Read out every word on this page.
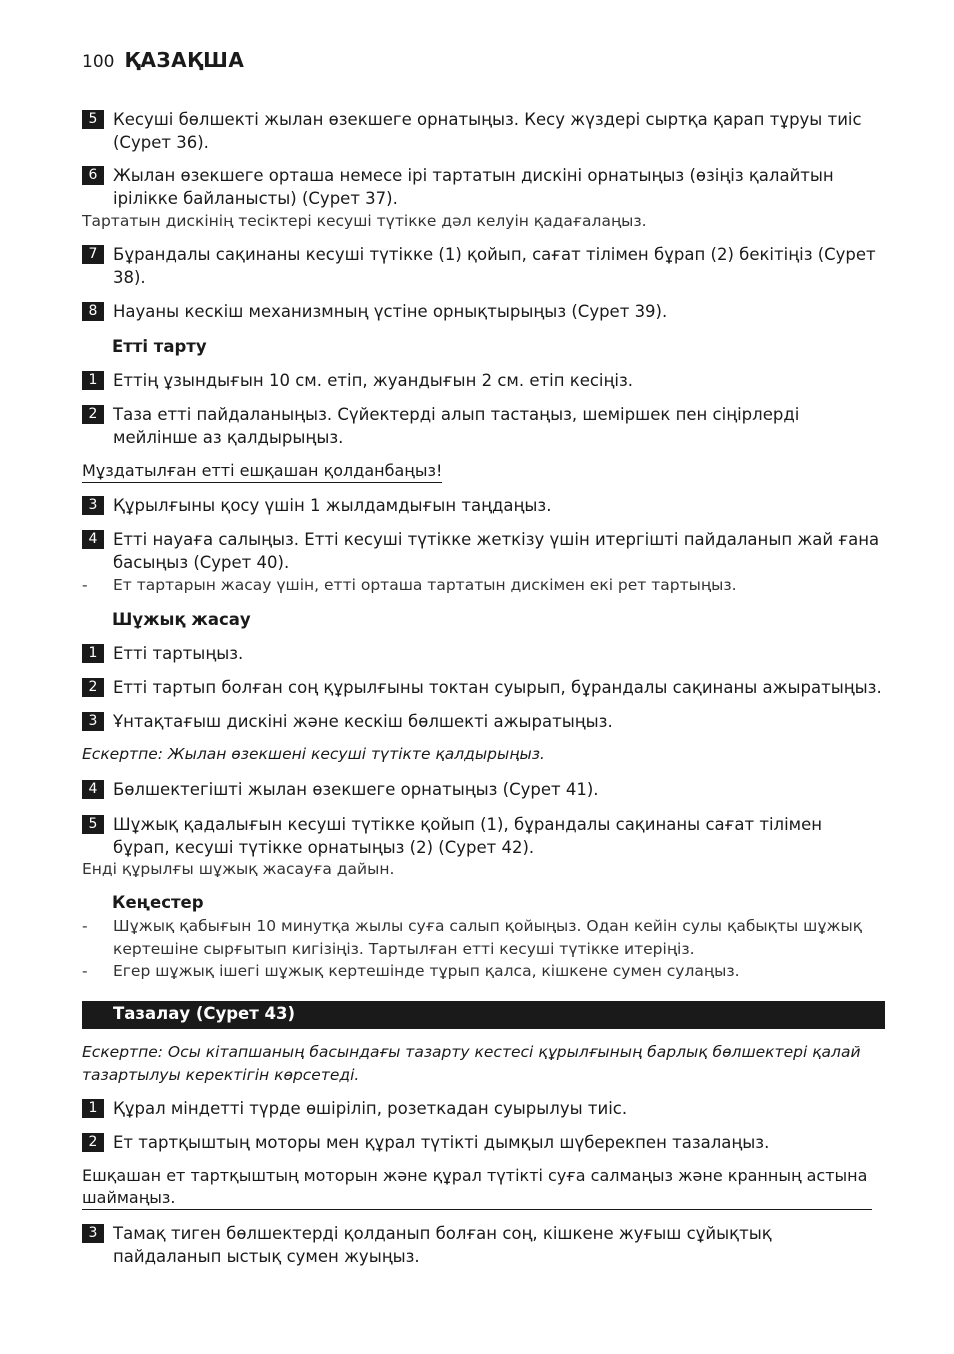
100 ҚАЗАҚША
5 Кесуші бөлшекті жылан өзекшеге орнатыңыз. Кесу жүздері сыртқа қарап тұруы тиіс (Сурет 36).
6 Жылан өзекшеге орташа немесе ірі тартатын дискіні орнатыңыз (өзіңіз қалайтын ірілікке байланысты) (Сурет 37).
Тартатын дискінің тесіктері кесуші түтікке дәл келуін қадағалаңыз.
7 Бұрандалы сақинаны кесуші түтікке (1) қойып, сағат тілімен бұрап (2) бекітіңіз (Сурет 38).
8 Науаны кескіш механизмның үстіне орнықтырыңыз (Сурет 39).
Етті тарту
1 Еттің ұзындығын 10 см. етіп, жуандығын 2 см. етіп кесіңіз.
2 Таза етті пайдаланыңыз. Сүйектерді алып тастаңыз, шеміршек пен сіңірлерді мейлінше аз қалдырыңыз.
Мұздатылған етті ешқашан қолданбаңыз!
3 Құрылғыны қосу үшін 1 жылдамдығын таңдаңыз.
4 Етті науаға салыңыз. Етті кесуші түтікке жеткізу үшін итергішті пайдаланып жай ғана басыңыз (Сурет 40).
-	Ет тартарын жасау үшін, етті орташа тартатын дискімен екі рет тартыңыз.
Шұжық жасау
1 Етті тартыңыз.
2 Етті тартып болған соң құрылғыны токтан суырып, бұрандалы сақинаны ажыратыңыз.
3 Ұнтақтағыш дискіні және кескіш бөлшекті ажыратыңыз.
Ескертпе: Жылан өзекшені кесуші түтікте қалдырыңыз.
4 Бөлшектегішті жылан өзекшеге орнатыңыз (Сурет 41).
5 Шұжық қадалығын кесуші түтікке қойып (1), бұрандалы сақинаны сағат тілімен бұрап, кесуші түтікке орнатыңыз (2) (Сурет 42).
Енді құрылғы шұжық жасауға дайын.
Кеңестер
-	Шұжық қабығын 10 минутқа жылы суға салып қойыңыз. Одан кейін сулы қабықты шұжық кертешіне сырғытып кигізіңіз. Тартылған етті кесуші түтікке итеріңіз.
-	Егер шұжық ішегі шұжық кертешінде тұрып қалса, кішкене сумен сулаңыз.
Тазалау (Сурет 43)
Ескертпе: Осы кітапшаның басындағы тазарту кестесі құрылғының барлық бөлшектері қалай тазартылуы керектігін көрсетеді.
1 Құрал міндетті түрде өшіріліп, розеткадан суырылуы тиіс.
2 Ет тартқыштың моторы мен құрал түтікті дымқыл шүберекпен тазалаңыз.
Ешқашан ет тартқыштың моторын және құрал түтікті суға салмаңыз және кранның астына шаймаңыз.
3 Тамақ тиген бөлшектерді қолданып болған соң, кішкене жуғыш сұйықтық пайдаланып ыстық сумен жуыңыз.
